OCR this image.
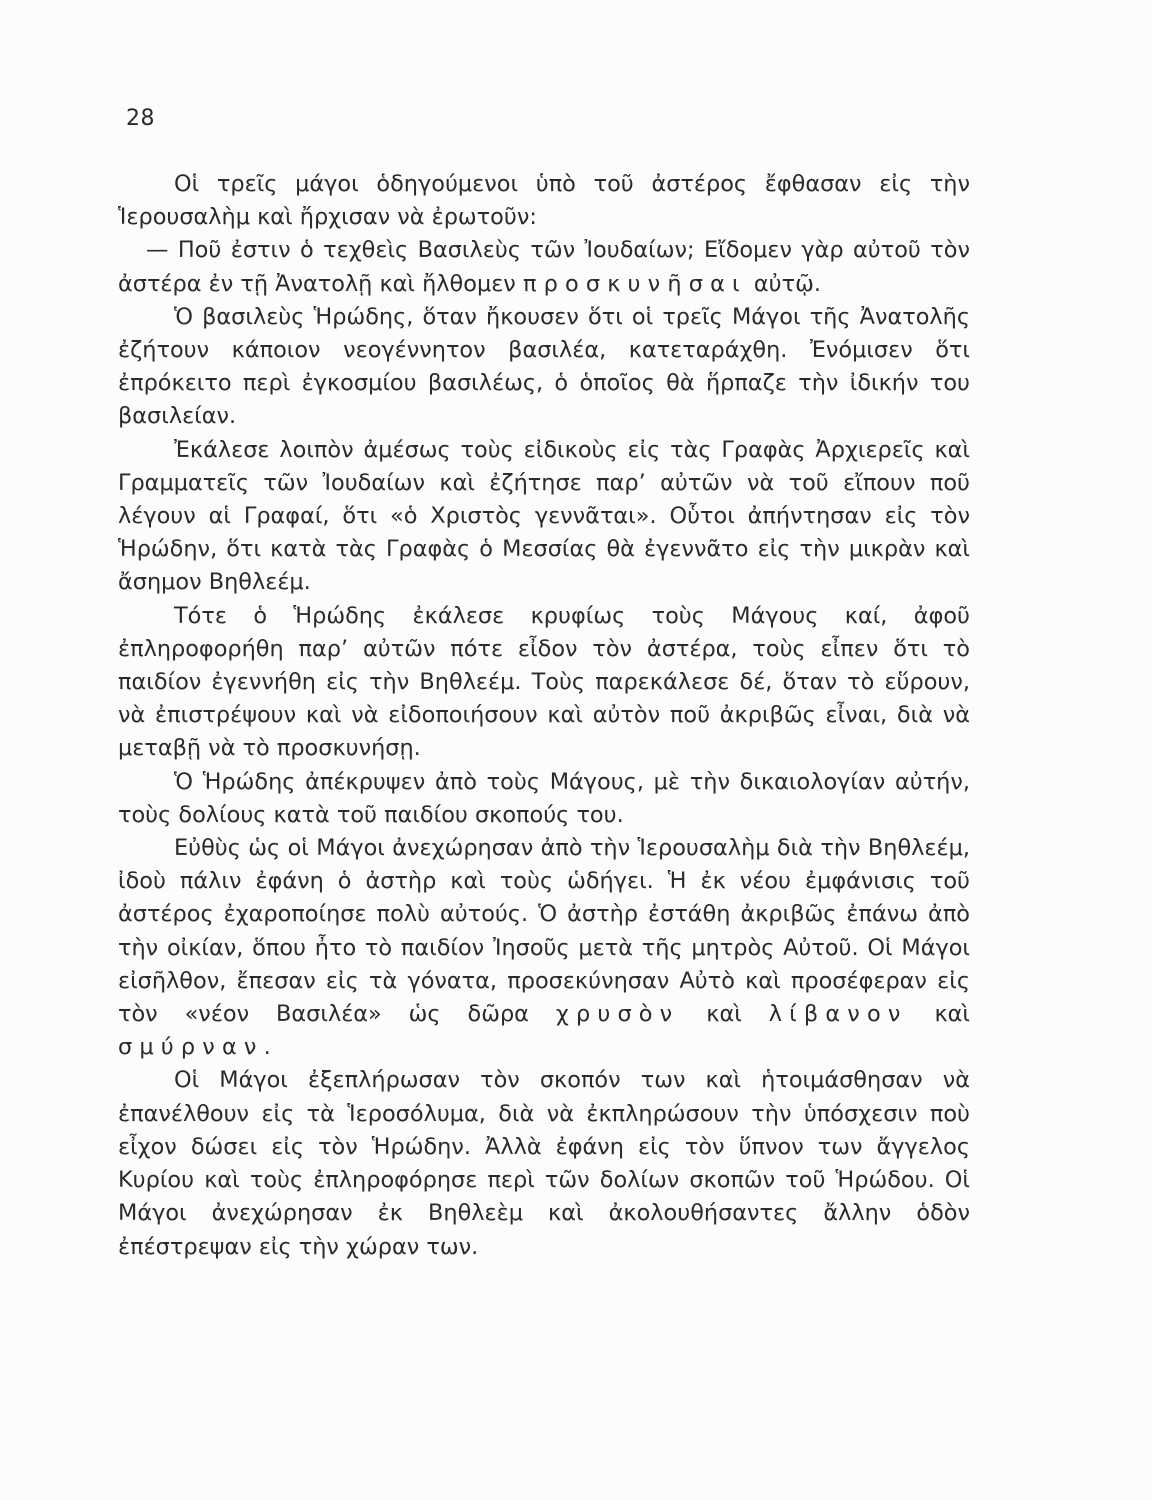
28

Οἱ τρεῖς μάγοι ὁδηγούμενοι ὑπὸ τοῦ ἀστέρος ἔφθασαν εἰς τὴν Ἱερουσαλὴμ καὶ ἤρχισαν νὰ ἐρωτοῦν:

— Ποῦ ἐστιν ὁ τεχθεὶς Βασιλεὺς τῶν Ἰουδαίων; Εἴδομεν γὰρ αὐτοῦ τὸν ἀστέρα ἐν τῇ Ἀνατολῇ καὶ ἤλθομεν προσκυνῆσαι αὐτῷ.

Ὁ βασιλεὺς Ἡρώδης, ὅταν ἤκουσεν ὅτι οἱ τρεῖς Μάγοι τῆς Ἀνατολῆς ἐζήτουν κάποιον νεογέννητον βασιλέα, κατεταράχθη. Ἐνόμισεν ὅτι ἐπρόκειτο περὶ ἐγκοσμίου βασιλέως, ὁ ὁποῖος θὰ ἥρπαζε τὴν ἰδικήν του βασιλείαν.

Ἐκάλεσε λοιπὸν ἀμέσως τοὺς εἰδικοὺς εἰς τὰς Γραφὰς Ἀρχιερεῖς καὶ Γραμματεῖς τῶν Ἰουδαίων καὶ ἐζήτησε παρ’ αὐτῶν νὰ τοῦ εἴπουν ποῦ λέγουν αἱ Γραφαί, ὅτι «ὁ Χριστὸς γεννᾶται». Οὗτοι ἀπήντησαν εἰς τὸν Ἡρώδην, ὅτι κατὰ τὰς Γραφὰς ὁ Μεσσίας θὰ ἐγεννᾶτο εἰς τὴν μικρὰν καὶ ἄσημον Βηθλεέμ.

Τότε ὁ Ἡρώδης ἐκάλεσε κρυφίως τοὺς Μάγους καί, ἀφοῦ ἐπληροφορήθη παρ’ αὐτῶν πότε εἶδον τὸν ἀστέρα, τοὺς εἶπεν ὅτι τὸ παιδίον ἐγεννήθη εἰς τὴν Βηθλεέμ. Τοὺς παρεκάλεσε δέ, ὅταν τὸ εὕρουν, νὰ ἐπιστρέψουν καὶ νὰ εἰδοποιήσουν καὶ αὐτὸν ποῦ ἀκριβῶς εἶναι, διὰ νὰ μεταβῇ νὰ τὸ προσκυνήσῃ.

Ὁ Ἡρώδης ἀπέκρυψεν ἀπὸ τοὺς Μάγους, μὲ τὴν δικαιολογίαν αὐτήν, τοὺς δολίους κατὰ τοῦ παιδίου σκοπούς του.

Εὐθὺς ὡς οἱ Μάγοι ἀνεχώρησαν ἀπὸ τὴν Ἱερουσαλὴμ διὰ τὴν Βηθλεέμ, ἰδοὺ πάλιν ἐφάνη ὁ ἀστὴρ καὶ τοὺς ὡδήγει. Ἡ ἐκ νέου ἐμφάνισις τοῦ ἀστέρος ἐχαροποίησε πολὺ αὐτούς. Ὁ ἀστὴρ ἐστάθη ἀκριβῶς ἐπάνω ἀπὸ τὴν οἰκίαν, ὅπου ἦτο τὸ παιδίον Ἰησοῦς μετὰ τῆς μητρὸς Αὐτοῦ. Οἱ Μάγοι εἰσῆλθον, ἔπεσαν εἰς τὰ γόνατα, προσεκύνησαν Αὐτὸ καὶ προσέφεραν εἰς τὸν «νέον Βασιλέα» ὡς δῶρα χρυσὸν καὶ λίβανον καὶ σμύρναν.

Οἱ Μάγοι ἐξεπλήρωσαν τὸν σκοπόν των καὶ ἡτοιμάσθησαν νὰ ἐπανέλθουν εἰς τὰ Ἱεροσόλυμα, διὰ νὰ ἐκπληρώσουν τὴν ὑπόσχεσιν ποὺ εἶχον δώσει εἰς τὸν Ἡρώδην. Ἀλλὰ ἐφάνη εἰς τὸν ὕπνον των ἄγγελος Κυρίου καὶ τοὺς ἐπληροφόρησε περὶ τῶν δολίων σκοπῶν τοῦ Ἡρώδου. Οἱ Μάγοι ἀνεχώρησαν ἐκ Βηθλεὲμ καὶ ἀκολουθήσαντες ἄλλην ὁδὸν ἐπέστρεψαν εἰς τὴν χώραν των.
